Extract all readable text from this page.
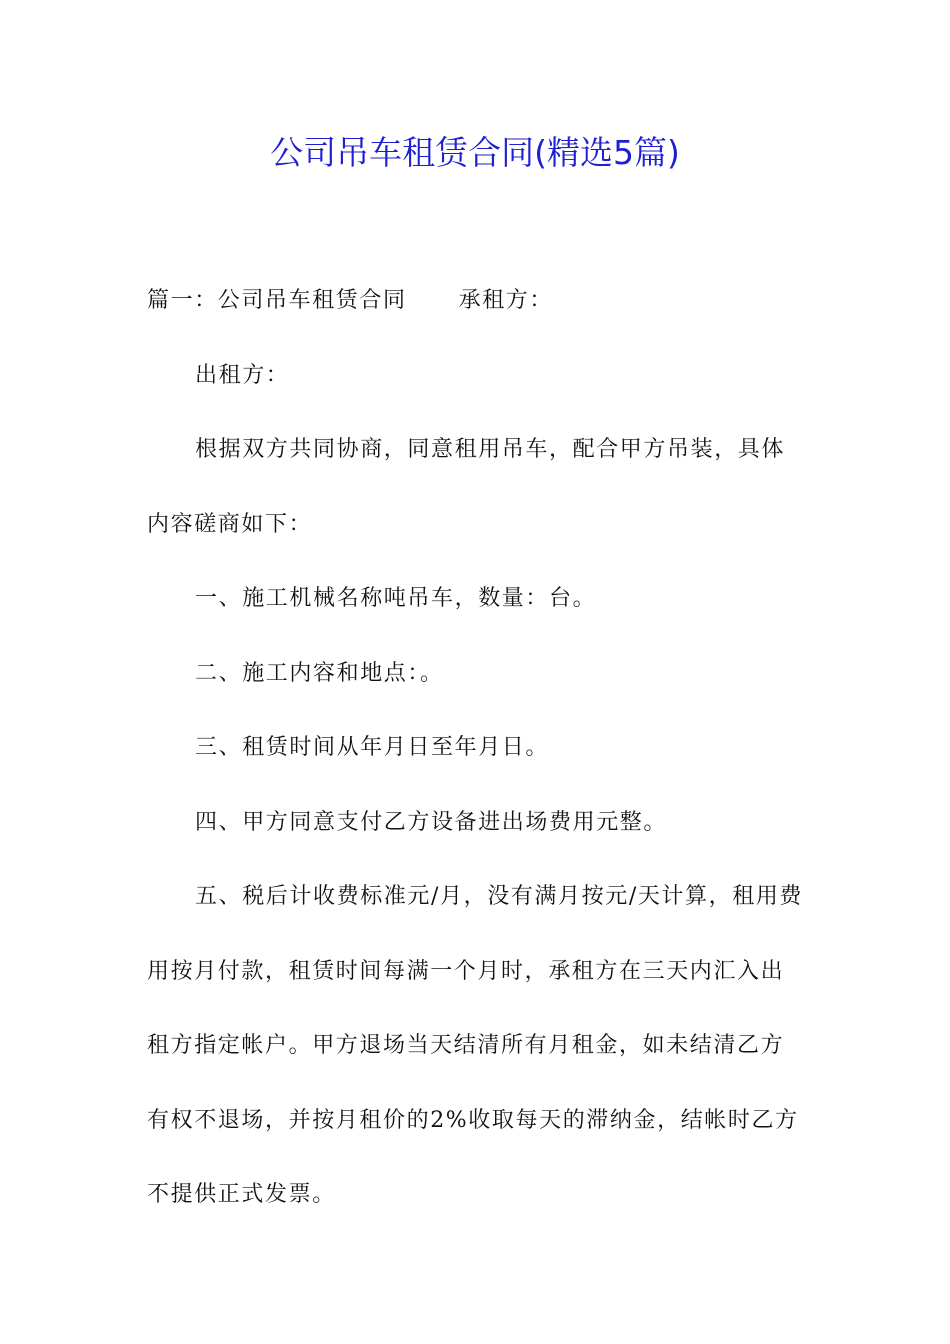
公司吊车租赁合同(精选5篇)

篇一：公司吊车租赁合同 承租方：

出租方：

根据双方共同协商，同意租用吊车，配合甲方吊装，具体内容磋商如下：

一、施工机械名称吨吊车，数量：台。

二、施工内容和地点：。

三、租赁时间从年月日至年月日。

四、甲方同意支付乙方设备进出场费用元整。

五、税后计收费标准元/月，没有满月按元/天计算，租用费用按月付款，租赁时间每满一个月时，承租方在三天内汇入出租方指定帐户。甲方退场当天结清所有月租金，如未结清乙方有权不退场，并按月租价的2%收取每天的滞纳金，结帐时乙方不提供正式发票。
